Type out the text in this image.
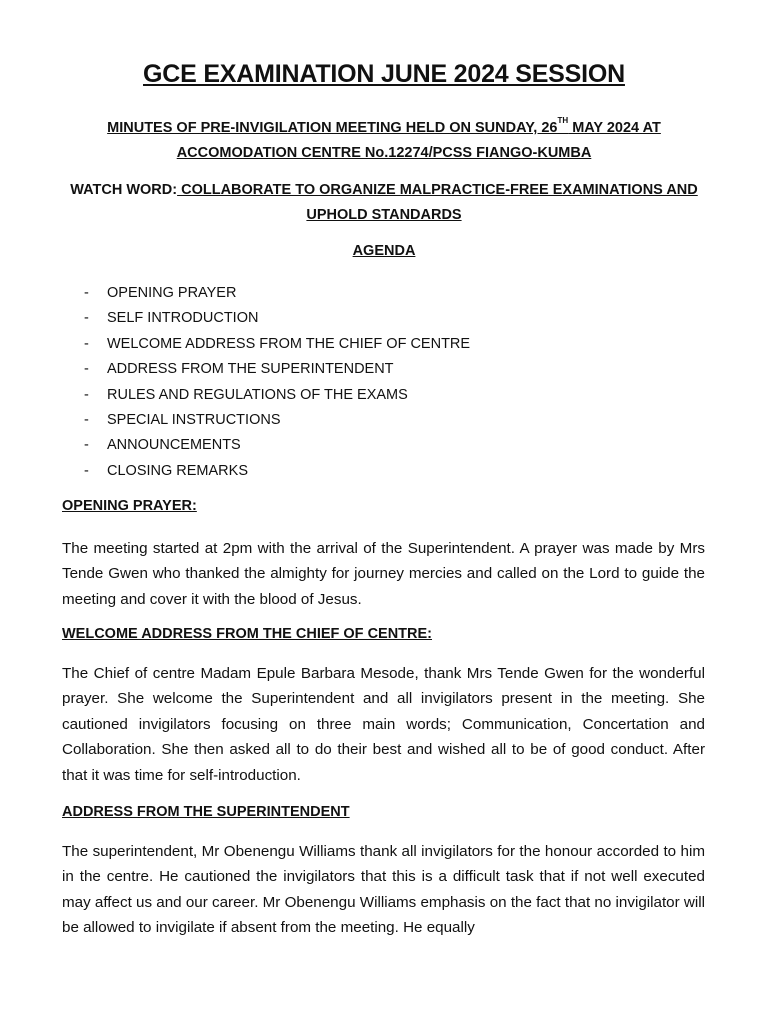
GCE EXAMINATION JUNE 2024 SESSION
MINUTES OF PRE-INVIGILATION MEETING HELD ON SUNDAY, 26TH MAY 2024 AT
ACCOMODATION CENTRE No.12274/PCSS FIANGO-KUMBA
WATCH WORD: COLLABORATE TO ORGANIZE MALPRACTICE-FREE EXAMINATIONS AND UPHOLD STANDARDS
AGENDA
- OPENING PRAYER
- SELF INTRODUCTION
- WELCOME ADDRESS FROM THE CHIEF OF CENTRE
- ADDRESS FROM THE SUPERINTENDENT
- RULES AND REGULATIONS OF THE EXAMS
- SPECIAL INSTRUCTIONS
- ANNOUNCEMENTS
- CLOSING REMARKS
OPENING PRAYER:

The meeting started at 2pm with the arrival of the Superintendent. A prayer was made by Mrs Tende Gwen who thanked the almighty for journey mercies and called on the Lord to guide the meeting and cover it with the blood of Jesus.

WELCOME ADDRESS FROM THE CHIEF OF CENTRE:

The Chief of centre Madam Epule Barbara Mesode, thank Mrs Tende Gwen for the wonderful prayer. She welcome the Superintendent and all invigilators present in the meeting. She cautioned invigilators focusing on three main words; Communication, Concertation and Collaboration. She then asked all to do their best and wished all to be of good conduct. After that it was time for self-introduction.

ADDRESS FROM THE SUPERINTENDENT

The superintendent, Mr Obenengu Williams thank all invigilators for the honour accorded to him in the centre. He cautioned the invigilators that this is a difficult task that if not well executed may affect us and our career. Mr Obenengu Williams emphasis on the fact that no invigilator will be allowed to invigilate if absent from the meeting. He equally
